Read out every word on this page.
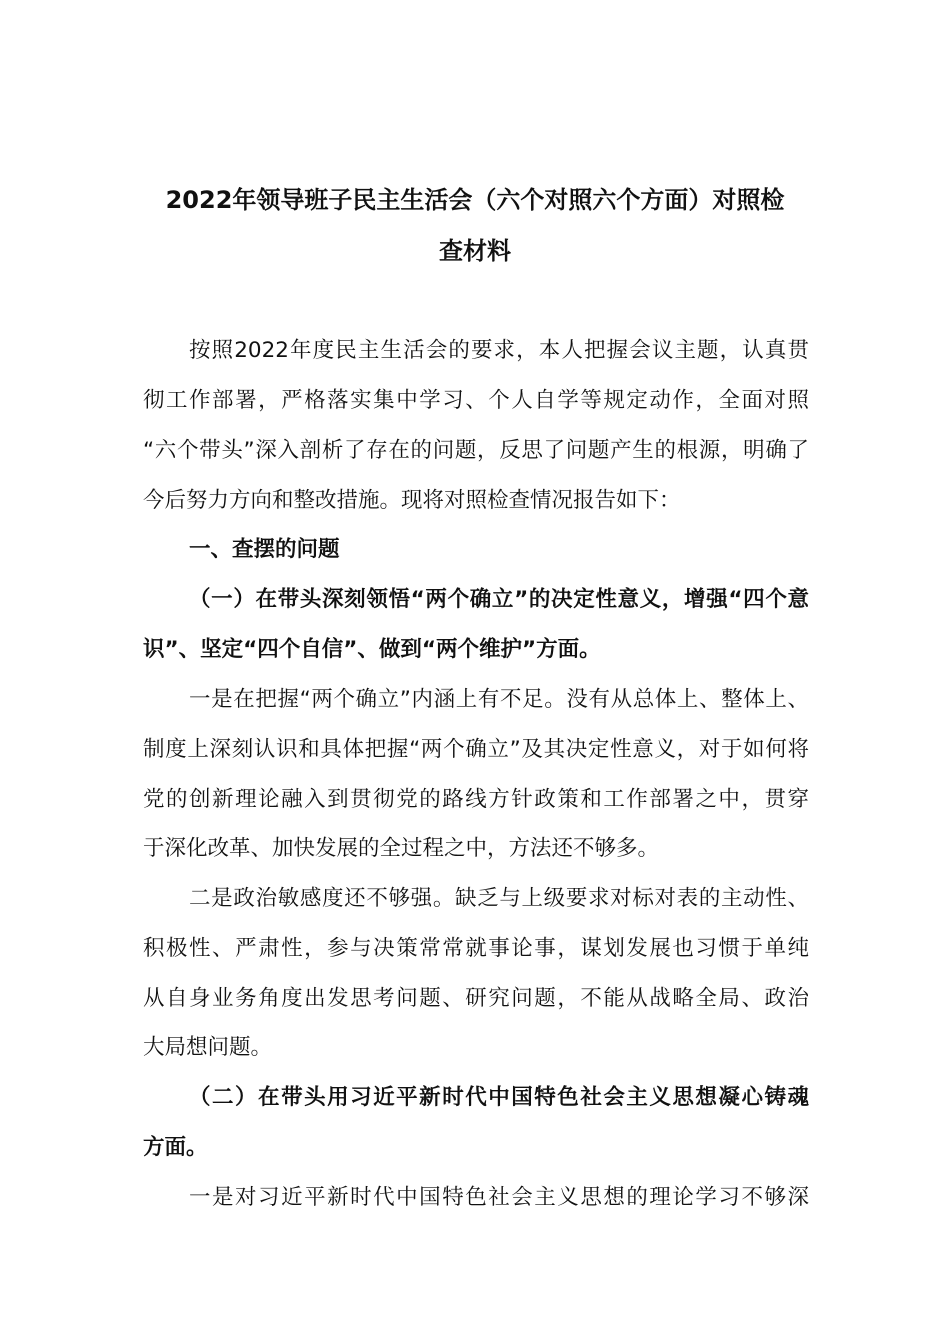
2022年领导班子民主生活会（六个对照六个方面）对照检
查材料

按照2022年度民主生活会的要求，本人把握会议主题，认真贯

彻工作部署，严格落实集中学习、个人自学等规定动作，全面对照

“六个带头”深入剖析了存在的问题，反思了问题产生的根源，明确了

今后努力方向和整改措施。现将对照检查情况报告如下：

一、查摆的问题

（一）在带头深刻领悟“两个确立”的决定性意义，增强“四个意

识”、坚定“四个自信”、做到“两个维护”方面。

一是在把握“两个确立”内涵上有不足。没有从总体上、整体上、

制度上深刻认识和具体把握“两个确立”及其决定性意义，对于如何将

党的创新理论融入到贯彻党的路线方针政策和工作部署之中，贯穿

于深化改革、加快发展的全过程之中，方法还不够多。

二是政治敏感度还不够强。缺乏与上级要求对标对表的主动性、

积极性、严肃性，参与决策常常就事论事，谋划发展也习惯于单纯

从自身业务角度出发思考问题、研究问题，不能从战略全局、政治

大局想问题。

（二）在带头用习近平新时代中国特色社会主义思想凝心铸魂

方面。

一是对习近平新时代中国特色社会主义思想的理论学习不够深
